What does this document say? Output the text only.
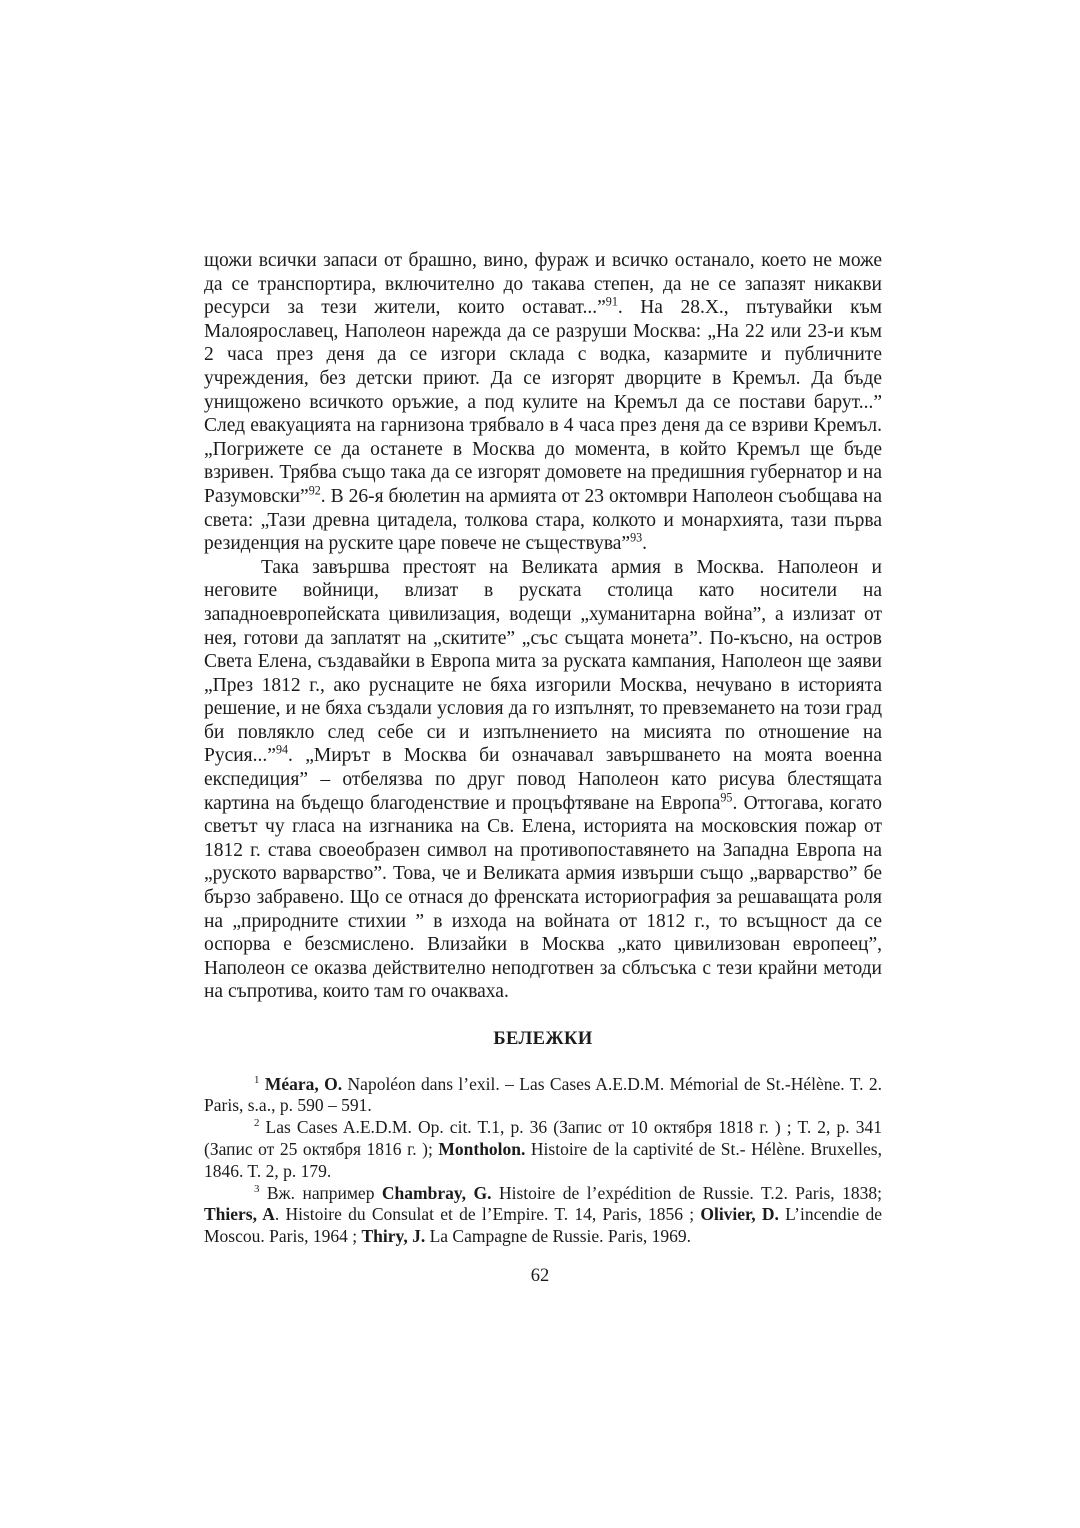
щожи всички запаси от брашно, вино, фураж и всичко останало, което не може да се транспортира, включително до такава степен, да не се запазят никакви ресурси за тези жители, които остават...”$^{91}$. На 28.Х., пътувайки към Малоярославец, Наполеон нарежда да се разруши Москва: „На 22 или 23-и към 2 часа през деня да се изгори склада с водка, казармите и публичните учреждения, без детски приют. Да се изгорят дворците в Кремъл. Да бъде унищожено всичкото оръжие, а под кулите на Кремъл да се постави барут...” След евакуацията на гарнизона трябвало в 4 часа през деня да се взриви Кремъл. „Погрижете се да останете в Москва до момента, в който Кремъл ще бъде взривен. Трябва също така да се изгорят домовете на предишния губернатор и на Разумовски”$^{92}$. В 26-я бюлетин на армията от 23 октомври Наполеон съобщава на света: „Тази древна цитадела, толкова стара, колкото и монархията, тази първа резиденция на руските царе повече не съществува”$^{93}$.

Така завършва престоят на Великата армия в Москва. Наполеон и неговите войници, влизат в руската столица като носители на западноевропейската цивилизация, водещи „хуманитарна война”, а излизат от нея, готови да заплатят на „скитите” „със същата монета”. По-късно, на остров Света Елена, създавайки в Европа мита за руската кампания, Наполеон ще заяви „През 1812 г., ако руснаците не бяха изгорили Москва, нечувано в историята решение, и не бяха създали условия да го изпълнят, то превземането на този град би повлякло след себе си и изпълнението на мисията по отношение на Русия...”$^{94}$. „Мирът в Москва би означавал завършването на моята военна експедиция” – отбелязва по друг повод Наполеон като рисува блестящата картина на бъдещо благоденствие и процъфтяване на Европа$^{95}$. Оттогава, когато светът чу гласа на изгнаника на Св. Елена, историята на московския пожар от 1812 г. става своеобразен символ на противопоставянето на Западна Европа на „руското варварство”. Това, че и Великата армия извърши също „варварство” бе бързо забравено. Що се отнася до френската историография за решаващата роля на „природните стихии ” в изхода на войната от 1812 г., то всъщност да се оспорва е безсмислено. Влизайки в Москва „като цивилизован европеец”, Наполеон се оказва действително неподготвен за сблъсъка с тези крайни методи на съпротива, които там го очакваха.

БЕЛЕЖКИ

$^1$ Méara, O. Napoléon dans l’exil. – Las Cases A.E.D.M. Mémorial de St.-Hélène. T. 2. Paris, s.a., p. 590 – 591.

$^2$ Las Cases A.E.D.M. Op. cit. T.1, p. 36 (Запис от 10 октября 1818 г. ) ; T. 2, p. 341 (Запис от 25 октября 1816 г. ); Montholon. Histoire de la captivité de St.- Hélène. Bruxelles, 1846. T. 2, p. 179.

$^3$ Вж. например Chambray, G. Histoire de l’expédition de Russie. T.2. Paris, 1838; Thiers, A. Histoire du Consulat et de l’Empire. T. 14, Paris, 1856 ; Olivier, D. L’incendie de Moscou. Paris, 1964 ; Thiry, J. La Campagne de Russie. Paris, 1969.

62
